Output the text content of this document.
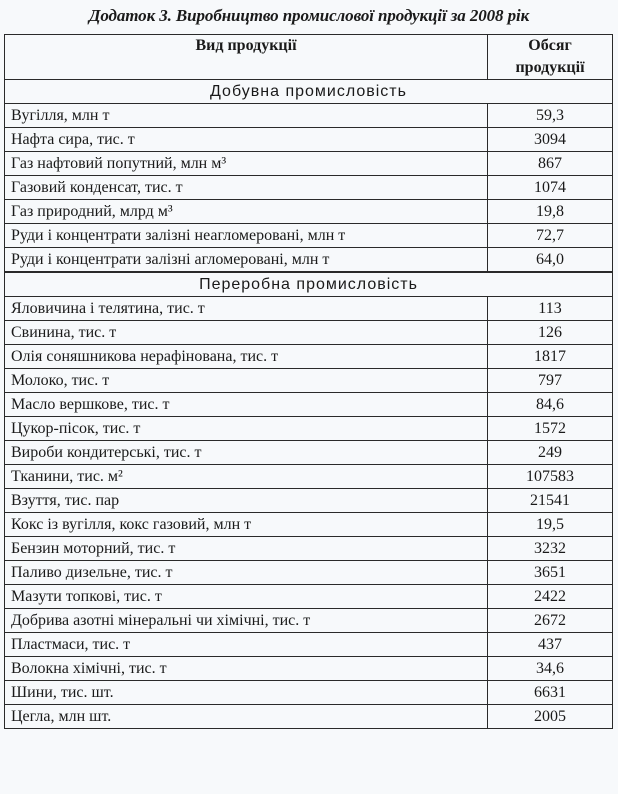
Додаток 3. Виробництво промислової продукції за 2008 рік
Вид продукції	Обсяг
продукції
Добувна промисловість	
Вугілля, млн т	59,3
Нафта сира, тис. т	3094
Газ нафтовий попутний, млн м³	867
Газовий конденсат, тис. т	1074
Газ природний, млрд м³	19,8
Руди і концентрати залізні неагломеровані, млн т	72,7
Руди і концентрати залізні агломеровані, млн т	64,0
Переробна промисловість	
Яловичина і телятина, тис. т	113
Свинина, тис. т	126
Олія соняшникова нерафінована, тис. т	1817
Молоко, тис. т	797
Масло вершкове, тис. т	84,6
Цукор-пісок, тис. т	1572
Вироби кондитерські, тис. т	249
Тканини, тис. м²	107583
Взуття, тис. пар	21541
Кокс із вугілля, кокс газовий, млн т	19,5
Бензин моторний, тис. т	3232
Паливо дизельне, тис. т	3651
Мазути топкові, тис. т	2422
Добрива азотні мінеральні чи хімічні, тис. т	2672
Пластмаси, тис. т	437
Волокна хімічні, тис. т	34,6
Шини, тис. шт.	6631
Цегла, млн шт.	2005
